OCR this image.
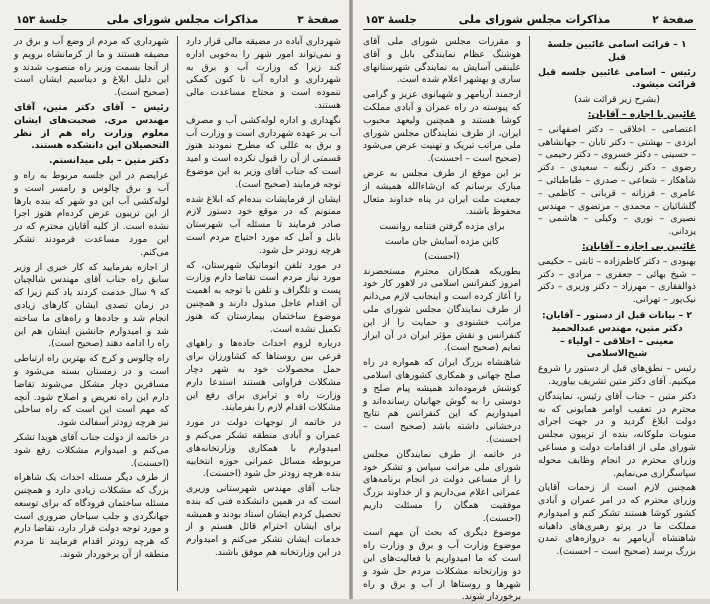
صفحهٔ ۳
مذاکرات مجلس شورای ملی
جلسهٔ ۱۵۳

شهرداری آباده در مضیقه مالی قرار دارد و نمی‌تواند امور شهر را به‌خوبی اداره کند زیرا که وزارت آب و برق به شهرداری و اداره آب تا کنون کمکی ننموده است و محتاج مساعدت مالی هستند.

نگهداری و اداره لوله‌کشی آب و مصرف آب بر عهده شهرداری است و وزارت آب و برق به عللی که مطرح نمودند هنوز قسمتی از آن را قبول نکرده است و امید است که جناب آقای وزیر به این موضوع توجه فرمایند (صحیح است).

ایشان از فرمایشات بنده‌ام که ابلاغ شده ممنونم که در موقع خود دستور لازم صادر فرمایند تا مسئله آب شهرستان بابل و آمل که مورد احتیاج مردم است هرچه زودتر حل شود.

در مورد تلفن اتوماتیک شهرستان، که مورد نیاز مردم است تقاضا دارم وزارت پست و تلگراف و تلفن با توجه به اهمیت آن اقدام عاجل مبذول دارند و همچنین موضوع ساختمان بیمارستان که هنوز تکمیل نشده است.

درباره لزوم احداث جاده‌ها و راههای فرعی بین روستاها که کشاورزان برای حمل محصولات خود به شهر دچار مشکلات فراوانی هستند استدعا دارم وزارت راه و ترابری برای رفع این مشکلات اقدام لازم را بفرمایند.

در خاتمه از توجهات دولت در مورد عمران و آبادی منطقه تشکر می‌کنم و امیدوارم با همکاری وزارتخانه‌های مربوطه مسائل عمرانی حوزه انتخابیه بنده هرچه زودتر حل شود (احسنت).

جناب آقای مهندس شهرستانی وزیری است که در همین دانشکده فنی که بنده تحصیل کردم ایشان استاد بودند و همیشه برای ایشان احترام قائل هستم و از خدمات ایشان تشکر می‌کنم و امیدوارم در این وزارتخانه هم موفق باشند.

شهرداری که مردم از وضع آب و برق در مضیقه هستند و ما از کرمانشاه برویم و از آنجا بسمت وزیر راه منصوب شدند و این دلیل ابلاغ و دیناسیم ایشان است (صحیح است).

رئیس – آقای دکتر متین، آقای مهندس مری. صحبت‌های ایشان معلوم وزارت راه هم از نظر التحصیلان این دانشکده هستند.

دکتر متین – بلی میدانستم.

عرایضم در این جلسه مربوط به راه و آب و برق چالوس و رامسر است و لوله‌کشی آب این دو شهر که بنده بارها از این تریبون عرض کرده‌ام هنوز اجرا نشده است. از کلیه آقایان محترم که در این مورد مساعدت فرمودند تشکر می‌کنم.

از اجازه بفرمایید که کار خیری از وزیر سابق راه جناب آقای مهندس شالچیان که ۹ سال خدمت کردند یاد کنم زیرا که در زمان تصدی ایشان کارهای زیادی انجام شد و جاده‌ها و راه‌های ما ساخته شد و امیدوارم جانشین ایشان هم این راه را ادامه دهند (صحیح است).

راه چالوس و کرج که بهترین راه ارتباطی است و در زمستان بسته می‌شود و مسافرین دچار مشکل می‌شوند تقاضا دارم این راه تعریض و اصلاح شود. آنچه که مهم است این است که راه ساحلی نیز هرچه زودتر آسفالت شود.

در خاتمه از دولت جناب آقای هویدا تشکر می‌کنم و امیدوارم مشکلات رفع شود (احسنت).

از طرف دیگر مسئله احداث یک شاهراه بزرگ که مشکلات زیادی دارد و همچنین مسئله ساختمان فرودگاه که برای توسعه جهانگردی و جلب سیاحان ضروری است و مورد توجه دولت قرار دارد، تقاضا دارم که هرچه زودتر اقدام فرمایند تا مردم منطقه از آن برخوردار شوند.

صفحهٔ ۲
مذاکرات مجلس شورای ملی
جلسهٔ ۱۵۳

۱ – قرائت اسامی غائبین جلسهٔ قبل

رئیس – اسامی غائبین جلسه قبل قرائت میشود.

(بشرح زیر قرائت شد)

غائبین با اجازه – آقایان:

اعتصامی – اخلاقی – دکتر اصفهانی – ایزدی – بهشتی – دکتر تابان – جهانشاهی – حسینی – دکتر خسروی – دکتر رحیمی – رضوی – دکتر زنگنه – سعیدی – دکتر شاهکار – شعاعی – صدری – طباطبائی – عامری – فرزانه – قربانی – کاظمی – گلشائیان – محمدی – مرتضوی – مهندس نصیری – نوری – وکیلی – هاشمی – یزدانی.

غائبین بی اجازه – آقایان:

بهبودی – دکتر کاظم‌زاده – ثابتی – حکیمی – شیخ بهائی – جعفری – مرادی – دکتر ذوالفقاری – مهرزاد – دکتر وزیری – دکتر نیک‌پور – تهرانی.

۲ – بیانات قبل از دستور – آقایان: دکتر متین، مهندس عبدالحمید معینی – اخلاقی – اولیاء – شیخ‌الاسلامی

رئیس – نطق‌های قبل از دستور را شروع میکنیم. آقای دکتر متین تشریف بیاورید.

دکتر متین – جناب آقای رئیس، نمایندگان محترم در تعقیب اوامر همایونی که به دولت ابلاغ گردید و در جهت اجرای منویات ملوکانه، بنده از تریبون مجلس شورای ملی از اقدامات دولت و مساعی وزرای محترم در انجام وظایف محوله سپاسگزاری می‌نمایم.

همچنین لازم است از زحمات آقایان وزرای محترم که در امر عمران و آبادی کشور کوشا هستند تشکر کنم و امیدوارم مملکت ما در پرتو رهبری‌های داهیانه شاهنشاه آریامهر به دروازه‌های تمدن بزرگ برسد (صحیح است – احسنت).

و مقررات مجلس شورای ملی آقای هوشنگ عظام نمایندگی بابل و آقای علینقی آسایش به نمایندگی شهرستانهای ساری و بهشهر اعلام شده است.

ارجمند آریامهر و شهبانوی عزیز و گرامی که پیوسته در راه عمران و آبادی مملکت کوشا هستند و همچنین ولیعهد محبوب ایران، از طرف نمایندگان مجلس شورای ملی مراتب تبریک و تهنیت عرض می‌شود (صحیح است – احسنت).

بر این موقع از طرف مجلس به عرض مبارک برسانم که ان‌شاءالله همیشه از جمعیت ملت ایران در پناه خداوند متعال محفوظ باشند.

برای مژده گرفتن فتنامه روانست

کاین مژده آسایش جان ماست

(احسنت)

بطوریکه همکاران محترم مستحضرند امروز کنفرانس اسلامی در لاهور کار خود را آغاز کرده است و اینجانب لازم می‌دانم از طرف نمایندگان مجلس شورای ملی مراتب خشنودی و حمایت را از این کنفرانس و نقش مؤثر ایران در آن ابراز نمایم (صحیح است).

شاهنشاه بزرگ ایران که همواره در راه صلح جهانی و همکاری کشورهای اسلامی کوشش فرموده‌اند همیشه پیام صلح و دوستی را به گوش جهانیان رسانده‌اند و امیدواریم که این کنفرانس هم نتایج درخشانی داشته باشد (صحیح است – احسنت).

در خاتمه از طرف نمایندگان مجلس شورای ملی مراتب سپاس و تشکر خود را از مساعی دولت در انجام برنامه‌های عمرانی اعلام می‌داریم و از خداوند بزرگ موفقیت همگان را مسئلت داریم (احسنت).

موضوع دیگری که بحث آن مهم است موضوع وزارت آب و برق و وزارت راه است که ما امیدواریم با فعالیت‌های این دو وزارتخانه مشکلات مردم حل شود و شهرها و روستاها از آب و برق و راه برخوردار شوند.
